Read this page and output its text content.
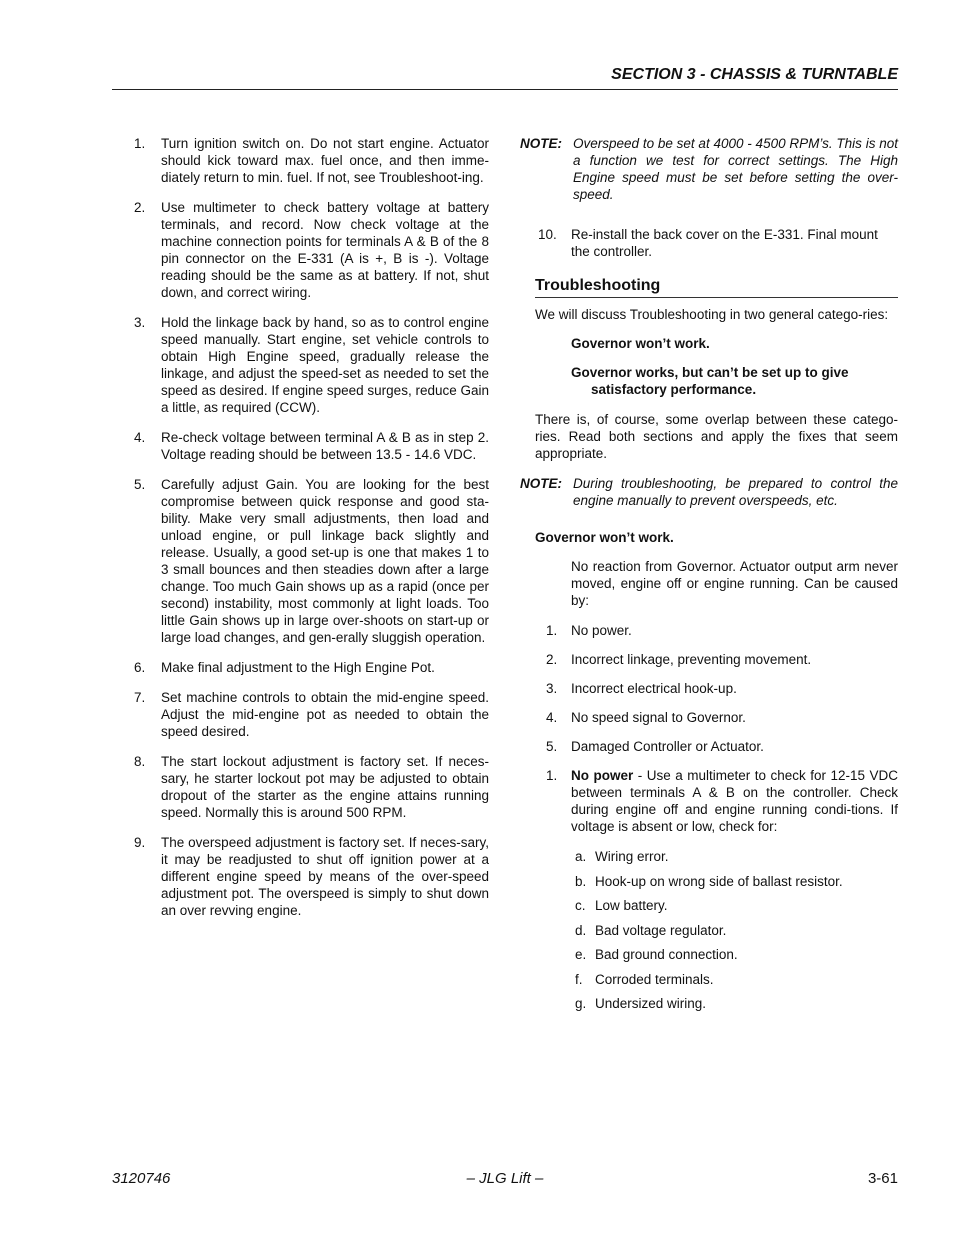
SECTION 3 - CHASSIS & TURNTABLE
1.	Turn ignition switch on. Do not start engine. Actuator should kick toward max. fuel once, and then imme-diately return to min. fuel. If not, see Troubleshoot-ing.
2.	Use multimeter to check battery voltage at battery terminals, and record. Now check voltage at the machine connection points for terminals A & B of the 8 pin connector on the E-331 (A is +, B is -). Voltage reading should be the same as at battery. If not, shut down, and correct wiring.
3.	Hold the linkage back by hand, so as to control engine speed manually. Start engine, set vehicle controls to obtain High Engine speed, gradually release the linkage, and adjust the speed-set as needed to set the speed as desired. If engine speed surges, reduce Gain a little, as required (CCW).
4.	Re-check voltage between terminal A & B as in step 2. Voltage reading should be between 13.5 - 14.6 VDC.
5.	Carefully adjust Gain. You are looking for the best compromise between quick response and good sta-bility. Make very small adjustments, then load and unload engine, or pull linkage back slightly and release. Usually, a good set-up is one that makes 1 to 3 small bounces and then steadies down after a large change. Too much Gain shows up as a rapid (once per second) instability, most commonly at light loads. Too little Gain shows up in large over-shoots on start-up or large load changes, and gen-erally sluggish operation.
6.	Make final adjustment to the High Engine Pot.
7.	Set machine controls to obtain the mid-engine speed. Adjust the mid-engine pot as needed to obtain the speed desired.
8.	The start lockout adjustment is factory set. If neces-sary, he starter lockout pot may be adjusted to obtain dropout of the starter as the engine attains running speed. Normally this is around 500 RPM.
9.	The overspeed adjustment is factory set. If neces-sary, it may be readjusted to shut off ignition power at a different engine speed by means of the over-speed adjustment pot. The overspeed is simply to shut down an over revving engine.
NOTE: Overspeed to be set at 4000 - 4500 RPM’s. This is not a function we test for correct settings. The High Engine speed must be set before setting the over-speed.
10.	Re-install the back cover on the E-331. Final mount the controller.
Troubleshooting
We will discuss Troubleshooting in two general catego-ries:
Governor won’t work.
Governor works, but can’t be set up to give satisfactory performance.
There is, of course, some overlap between these catego-ries. Read both sections and apply the fixes that seem appropriate.
NOTE: During troubleshooting, be prepared to control the engine manually to prevent overspeeds, etc.
Governor won’t work.
No reaction from Governor. Actuator output arm never moved, engine off or engine running. Can be caused by:
1.	No power.
2.	Incorrect linkage, preventing movement.
3.	Incorrect electrical hook-up.
4.	No speed signal to Governor.
5.	Damaged Controller or Actuator.
1.	No power - Use a multimeter to check for 12-15 VDC between terminals A & B on the controller. Check during engine off and engine running condi-tions. If voltage is absent or low, check for:
a. Wiring error.
b. Hook-up on wrong side of ballast resistor.
c. Low battery.
d. Bad voltage regulator.
e. Bad ground connection.
f. Corroded terminals.
g. Undersized wiring.
3120746	– JLG Lift –	3-61
